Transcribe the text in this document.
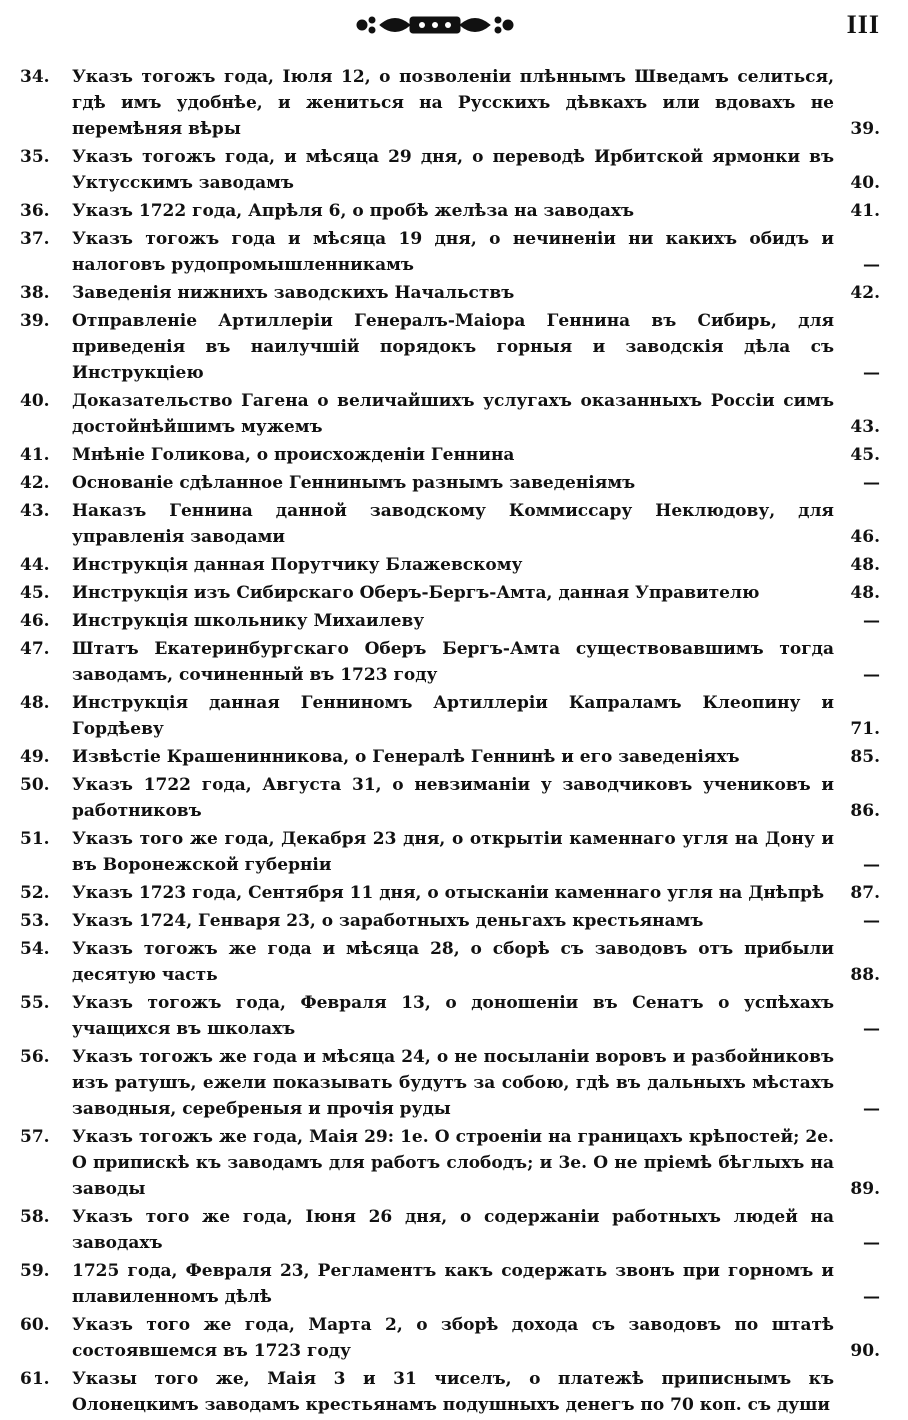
III
34.	Указъ тогожъ года, Іюля 12, о позволеніи плѣннымъ Шведамъ селиться, гдѣ имъ удобнѣе, и жениться на Русскихъ дѣвкахъ или вдовахъ не перемѣняя вѣры	39.
35.	Указъ тогожъ года, и мѣсяца 29 дня, о переводѣ Ирбитской ярмонки въ Уктусскимъ заводамъ	40.
36.	Указъ 1722 года, Апрѣля 6, о пробѣ желѣза на заводахъ	41.
37.	Указъ тогожъ года и мѣсяца 19 дня, о нечиненіи ни какихъ обидъ и налоговъ рудопромышленникамъ	—
38.	Заведенія нижнихъ заводскихъ Начальствъ	42.
39.	Отправленіе Артиллеріи Генералъ-Маіора Геннина въ Сибирь, для приведенія въ наилучшій порядокъ горныя и заводскія дѣла съ Инструкціею	—
40.	Доказательство Гагена о величайшихъ услугахъ оказанныхъ Россіи симъ достойнѣйшимъ мужемъ	43.
41.	Мнѣніе Голикова, о происхожденіи Геннина	45.
42.	Основаніе сдѣланное Геннинымъ разнымъ заведеніямъ	—
43.	Наказъ Геннина данной заводскому Коммиссару Неклюдову, для управленія заводами	46.
44.	Инструкція данная Порутчику Блажевскому	48.
45.	Инструкція изъ Сибирскаго Оберъ-Бергъ-Амта, данная Управителю	48.
46.	Инструкція школьнику Михаилеву	—
47.	Штатъ Екатеринбургскаго Оберъ Бергъ-Амта существовавшимъ тогда заводамъ, сочиненный въ 1723 году	—
48.	Инструкція данная Генниномъ Артиллеріи Капраламъ Клеопину и Гордѣеву	71.
49.	Извѣстіе Крашенинникова, о Генералѣ Геннинѣ и его заведеніяхъ	85.
50.	Указъ 1722 года, Августа 31, о невзиманіи у заводчиковъ учениковъ и работниковъ	86.
51.	Указъ того же года, Декабря 23 дня, о открытіи каменнаго угля на Дону и въ Воронежской губерніи	—
52.	Указъ 1723 года, Сентября 11 дня, о отысканіи каменнаго угля на Днѣпрѣ	87.
53.	Указъ 1724, Генваря 23, о заработныхъ деньгахъ крестьянамъ	—
54.	Указъ тогожъ же года и мѣсяца 28, о сборѣ съ заводовъ отъ прибыли десятую часть	88.
55.	Указъ тогожъ года, Февраля 13, о доношеніи въ Сенатъ о успѣхахъ учащихся въ школахъ	—
56.	Указъ тогожъ же года и мѣсяца 24, о не посыланіи воровъ и разбойниковъ изъ ратушъ, ежели показывать будутъ за собою, гдѣ въ дальныхъ мѣстахъ заводныя, серебреныя и прочія руды	—
57.	Указъ тогожъ же года, Маія 29: 1е. О строеніи на границахъ крѣпостей; 2е. О припискѣ къ заводамъ для работъ слободъ; и 3е. О не пріемѣ бѣглыхъ на заводы	89.
58.	Указъ того же года, Іюня 26 дня, о содержаніи работныхъ людей на заводахъ	—
59.	1725 года, Февраля 23, Регламентъ какъ содержать звонъ при горномъ и плавиленномъ дѣлѣ	—
60.	Указъ того же года, Марта 2, о зборѣ дохода съ заводовъ по штатѣ состоявшемся въ 1723 году	90.
61.	Указы того же, Маія 3 и 31 чиселъ, о платежѣ приписнымъ къ Олонецкимъ заводамъ крестьянамъ подушныхъ денегъ по 70 коп. съ души
